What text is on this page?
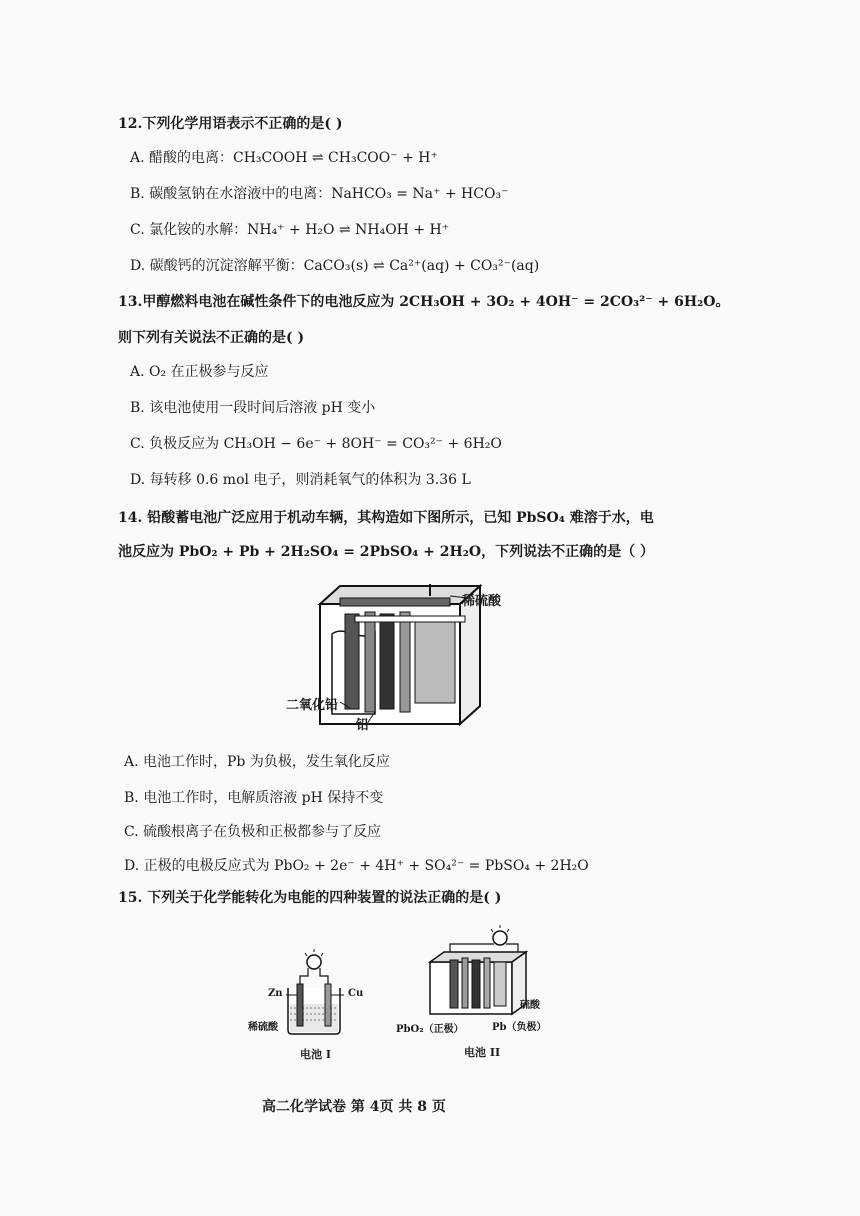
12.下列化学用语表示不正确的是( )
A. 醋酸的电离：CH₃COOH ⇌ CH₃COO⁻ + H⁺
B. 碳酸氢钠在水溶液中的电离：NaHCO₃ = Na⁺ + HCO₃⁻
C. 氯化铵的水解：NH₄⁺ + H₂O ⇌ NH₄OH + H⁺
D. 碳酸钙的沉淀溶解平衡：CaCO₃(s) ⇌ Ca²⁺(aq) + CO₃²⁻(aq)
13.甲醇燃料电池在碱性条件下的电池反应为 2CH₃OH + 3O₂ + 4OH⁻ = 2CO₃²⁻ + 6H₂O。
则下列有关说法不正确的是( )
A. O₂ 在正极参与反应
B. 该电池使用一段时间后溶液 pH 变小
C. 负极反应为 CH₃OH − 6e⁻ + 8OH⁻ = CO₃²⁻ + 6H₂O
D. 每转移 0.6 mol 电子，则消耗氧气的体积为 3.36 L
14. 铅酸蓄电池广泛应用于机动车辆，其构造如下图所示，已知 PbSO₄ 难溶于水，电
池反应为 PbO₂ + Pb + 2H₂SO₄ = 2PbSO₄ + 2H₂O，下列说法不正确的是（ ）
稀硫酸
二氧化铅
铅
A. 电池工作时，Pb 为负极，发生氧化反应
B. 电池工作时，电解质溶液 pH 保持不变
C. 硫酸根离子在负极和正极都参与了反应
D. 正极的电极反应式为 PbO₂ + 2e⁻ + 4H⁺ + SO₄²⁻ = PbSO₄ + 2H₂O
15. 下列关于化学能转化为电能的四种装置的说法正确的是( )
Zn	Cu
稀硫酸
电池 I
硫酸
PbO₂（正极）	Pb（负极）
电池 II
高二化学试卷 第 4页 共 8 页
